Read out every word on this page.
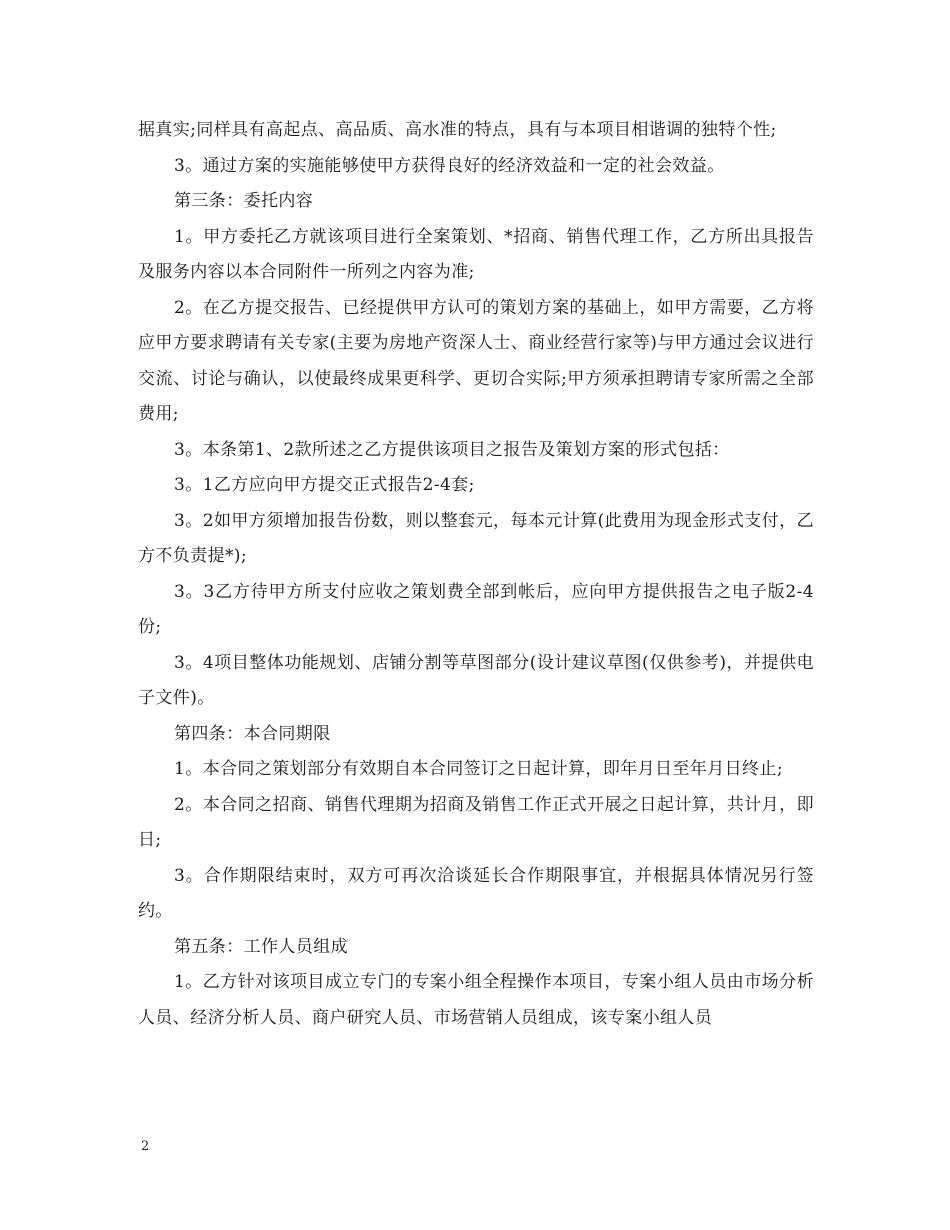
据真实;同样具有高起点、高品质、高水准的特点，具有与本项目相谐调的独特个性;

3。通过方案的实施能够使甲方获得良好的经济效益和一定的社会效益。

第三条：委托内容

1。甲方委托乙方就该项目进行全案策划、*招商、销售代理工作，乙方所出具报告及服务内容以本合同附件一所列之内容为准;

2。在乙方提交报告、已经提供甲方认可的策划方案的基础上，如甲方需要，乙方将应甲方要求聘请有关专家(主要为房地产资深人士、商业经营行家等)与甲方通过会议进行交流、讨论与确认，以使最终成果更科学、更切合实际;甲方须承担聘请专家所需之全部费用;

3。本条第1、2款所述之乙方提供该项目之报告及策划方案的形式包括：

3。1乙方应向甲方提交正式报告2-4套;

3。2如甲方须增加报告份数，则以整套元，每本元计算(此费用为现金形式支付，乙方不负责提*);

3。3乙方待甲方所支付应收之策划费全部到帐后，应向甲方提供报告之电子版2-4份;

3。4项目整体功能规划、店铺分割等草图部分(设计建议草图(仅供参考)，并提供电子文件)。

第四条：本合同期限

1。本合同之策划部分有效期自本合同签订之日起计算，即年月日至年月日终止;

2。本合同之招商、销售代理期为招商及销售工作正式开展之日起计算，共计月，即日;

3。合作期限结束时，双方可再次洽谈延长合作期限事宜，并根据具体情况另行签约。

第五条：工作人员组成

1。乙方针对该项目成立专门的专案小组全程操作本项目，专案小组人员由市场分析人员、经济分析人员、商户研究人员、市场营销人员组成，该专案小组人员

2
